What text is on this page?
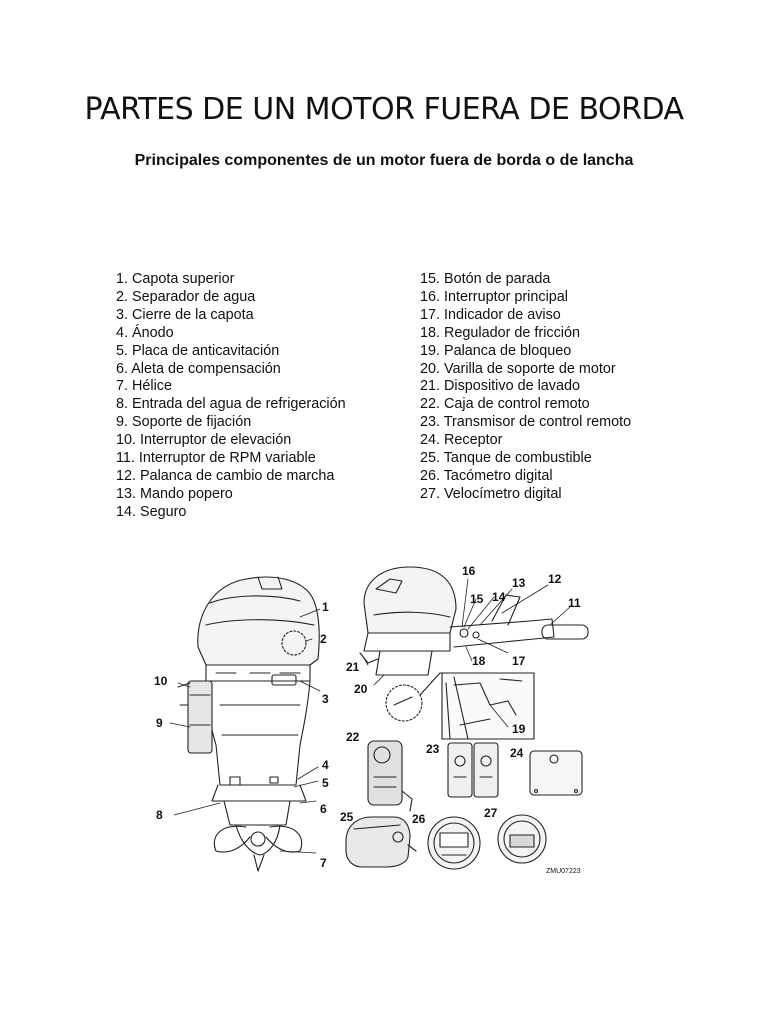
PARTES DE UN MOTOR FUERA DE BORDA
Principales componentes de un motor fuera de borda o de lancha
1. Capota superior
2. Separador de agua
3. Cierre de la capota
4. Ánodo
5. Placa de anticavitación
6. Aleta de compensación
7. Hélice
8. Entrada del agua de refrigeración
9. Soporte de fijación
10. Interruptor de elevación
11. Interruptor de RPM variable
12. Palanca de cambio de marcha
13. Mando popero
14. Seguro
15. Botón de parada
16. Interruptor principal
17. Indicador de aviso
18. Regulador de fricción
19. Palanca de bloqueo
20. Varilla de soporte de motor
21. Dispositivo de lavado
22. Caja de control remoto
23. Transmisor de control remoto
24. Receptor
25. Tanque de combustible
26. Tacómetro digital
27. Velocímetro digital
1
2
3
4
5
6
7
8
9
10
11
12
13
14
15
16
17
18
19
20
21
22
23	24
25	26	27
ZMU07223
